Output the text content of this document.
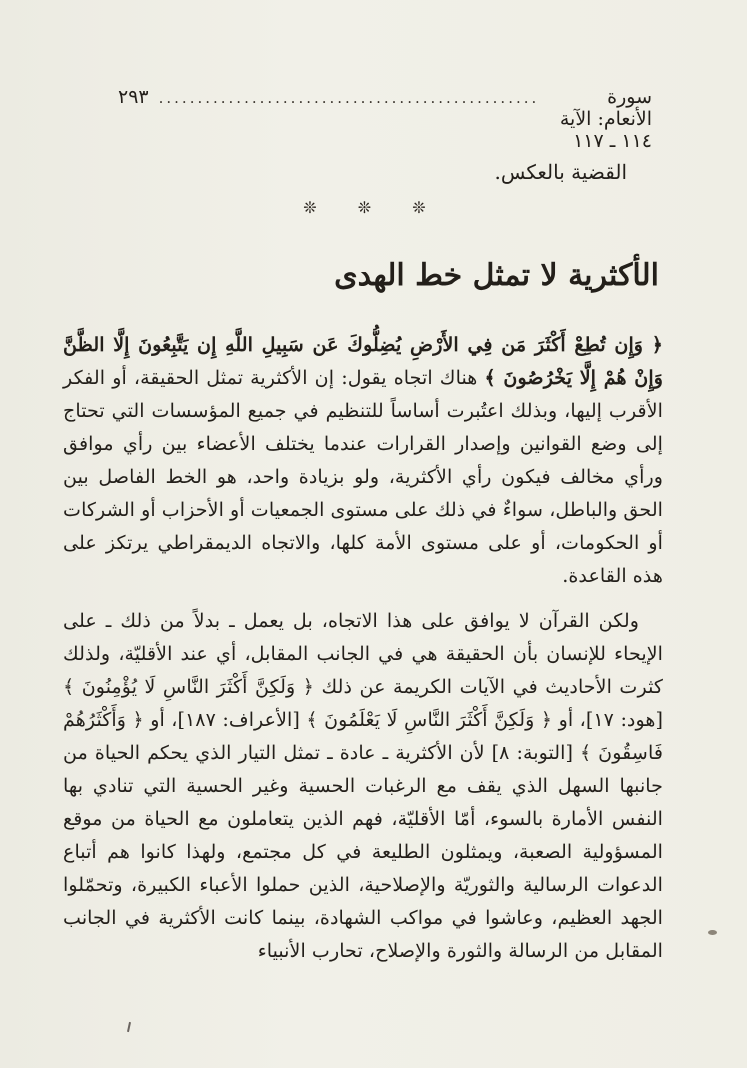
سورة الأنعام: الآية ١١٤ ـ ١١٧
.................................................
٢٩٣
القضية بالعكس.
❊ ❊ ❊
الأكثرية لا تمثل خط الهدى

﴿ وَإِن تُطِعْ أَكْثَرَ مَن فِي الأَرْضِ يُضِلُّوكَ عَن سَبِيلِ اللَّهِ إِن يَتَّبِعُونَ إِلَّا الظَّنَّ وَإِنْ هُمْ إِلَّا يَخْرُصُونَ ﴾ هناك اتجاه يقول: إن الأكثرية تمثل الحقيقة، أو الفكر الأقرب إليها، وبذلك اعتُبرت أساساً للتنظيم في جميع المؤسسات التي تحتاج إلى وضع القوانين وإصدار القرارات عندما يختلف الأعضاء بين رأي موافق ورأي مخالف فيكون رأي الأكثرية، ولو بزيادة واحد، هو الخط الفاصل بين الحق والباطل، سواءٌ في ذلك على مستوى الجمعيات أو الأحزاب أو الشركات أو الحكومات، أو على مستوى الأمة كلها، والاتجاه الديمقراطي يرتكز على هذه القاعدة.

ولكن القرآن لا يوافق على هذا الاتجاه، بل يعمل ـ بدلاً من ذلك ـ على الإيحاء للإنسان بأن الحقيقة هي في الجانب المقابل، أي عند الأقليّة، ولذلك كثرت الأحاديث في الآيات الكريمة عن ذلك ﴿ وَلَكِنَّ أَكْثَرَ النَّاسِ لَا يُؤْمِنُونَ ﴾ [هود: ١٧]، أو ﴿ وَلَكِنَّ أَكْثَرَ النَّاسِ لَا يَعْلَمُونَ ﴾ [الأعراف: ١٨٧]، أو ﴿ وَأَكْثَرُهُمْ فَاسِقُونَ ﴾ [التوبة: ٨] لأن الأكثرية ـ عادة ـ تمثل التيار الذي يحكم الحياة من جانبها السهل الذي يقف مع الرغبات الحسية وغير الحسية التي تنادي بها النفس الأمارة بالسوء، أمّا الأقليّة، فهم الذين يتعاملون مع الحياة من موقع المسؤولية الصعبة، ويمثلون الطليعة في كل مجتمع، ولهذا كانوا هم أتباع الدعوات الرسالية والثوريّة والإصلاحية، الذين حملوا الأعباء الكبيرة، وتحمّلوا الجهد العظيم، وعاشوا في مواكب الشهادة، بينما كانت الأكثرية في الجانب المقابل من الرسالة والثورة والإصلاح، تحارب الأنبياء
